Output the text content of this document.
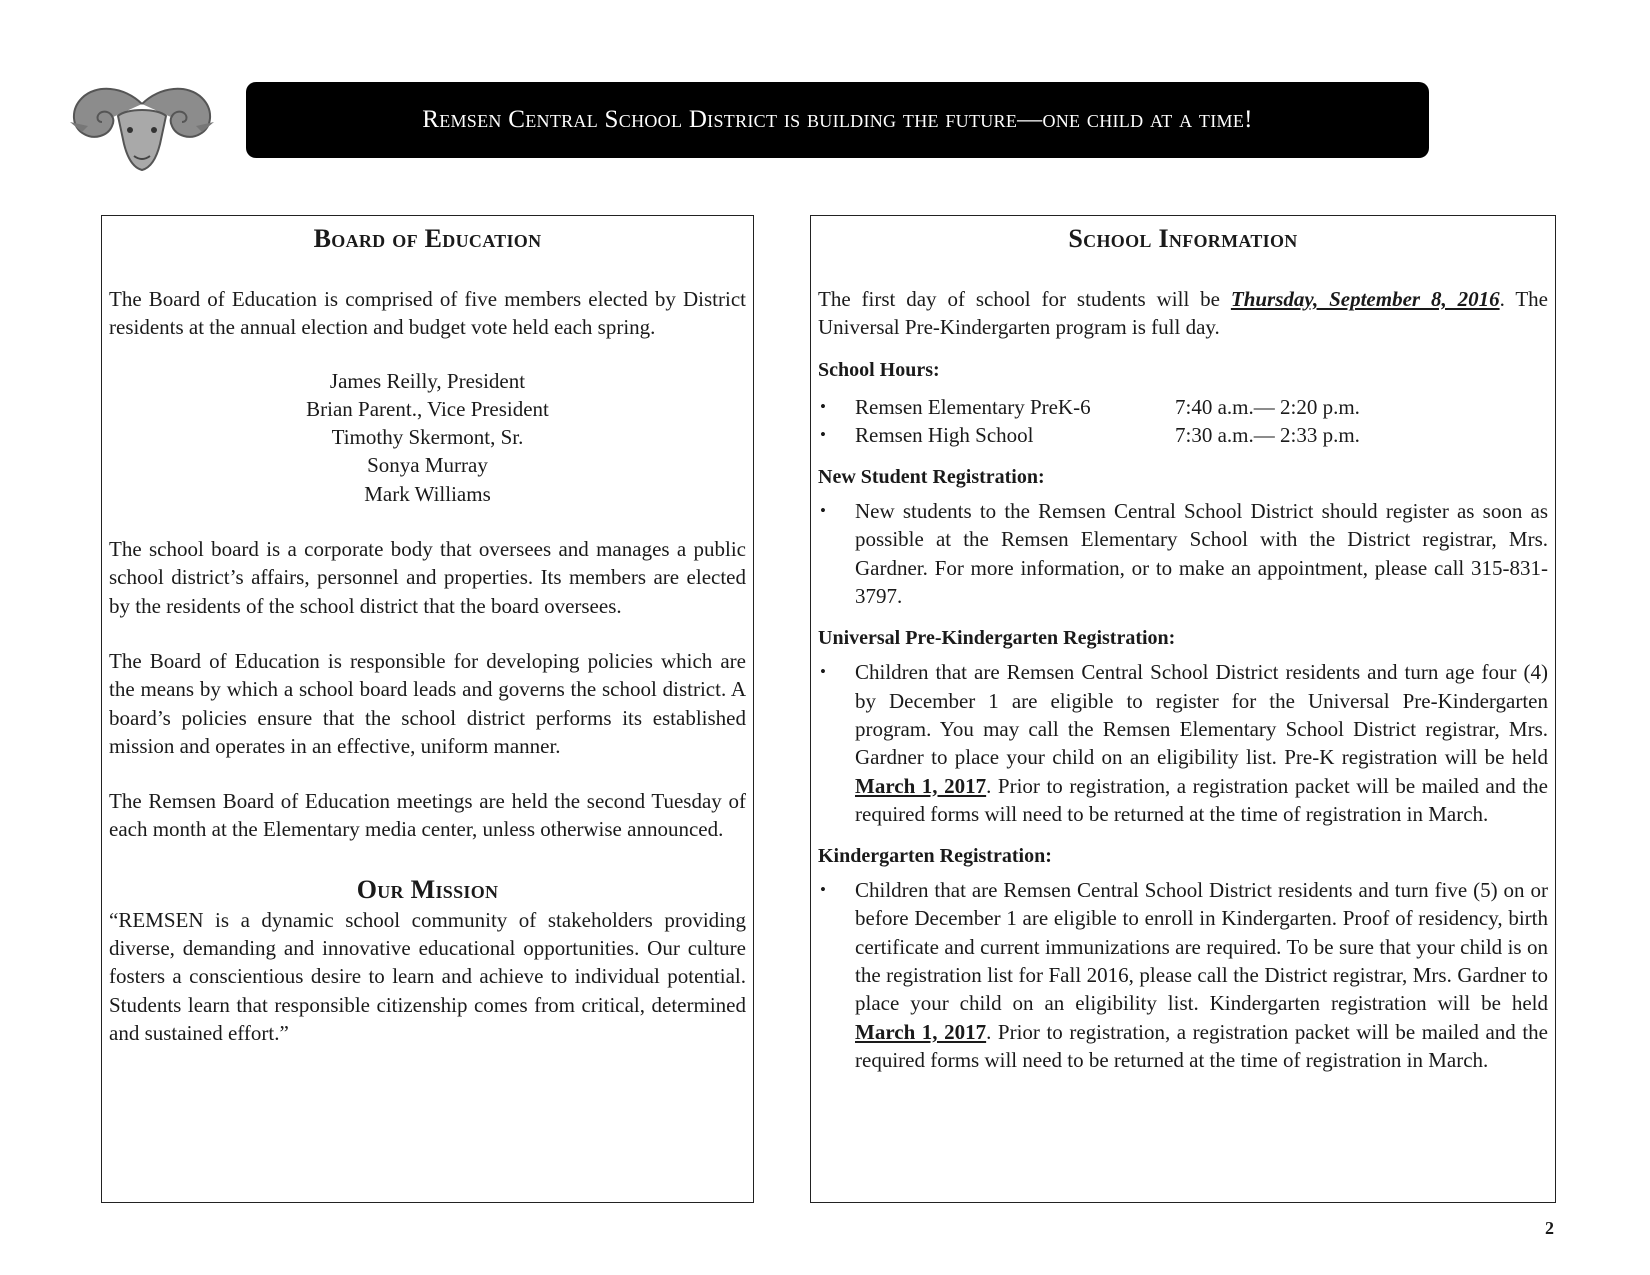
Remsen Central School District is building the future—one child at a time!
Board of Education

The Board of Education is comprised of five members elected by District residents at the annual election and budget vote held each spring.

James Reilly, President
Brian Parent., Vice President
Timothy Skermont, Sr.
Sonya Murray
Mark Williams

The school board is a corporate body that oversees and manages a public school district’s affairs, personnel and properties. Its members are elected by the residents of the school district that the board oversees.

The Board of Education is responsible for developing policies which are the means by which a school board leads and governs the school district. A board’s policies ensure that the school district performs its established mission and operates in an effective, uniform manner.

The Remsen Board of Education meetings are held the second Tuesday of each month at the Elementary media center, unless otherwise announced.

Our Mission

“REMSEN is a dynamic school community of stakeholders providing diverse, demanding and innovative educational opportunities. Our culture fosters a conscientious desire to learn and achieve to individual potential. Students learn that responsible citizenship comes from critical, determined and sustained effort.”

School Information

The first day of school for students will be Thursday, September 8, 2016. The Universal Pre-Kindergarten program is full day.

School Hours:
• Remsen Elementary PreK-6	7:40 a.m.— 2:20 p.m.
• Remsen High School	7:30 a.m.— 2:33 p.m.
New Student Registration:
• New students to the Remsen Central School District should register as soon as possible at the Remsen Elementary School with the District registrar, Mrs. Gardner. For more information, or to make an appointment, please call 315-831-3797.
Universal Pre-Kindergarten Registration:
• Children that are Remsen Central School District residents and turn age four (4) by December 1 are eligible to register for the Universal Pre-Kindergarten program. You may call the Remsen Elementary School District registrar, Mrs. Gardner to place your child on an eligibility list. Pre-K registration will be held March 1, 2017. Prior to registration, a registration packet will be mailed and the required forms will need to be returned at the time of registration in March.
Kindergarten Registration:
• Children that are Remsen Central School District residents and turn five (5) on or before December 1 are eligible to enroll in Kindergarten. Proof of residency, birth certificate and current immunizations are required. To be sure that your child is on the registration list for Fall 2016, please call the District registrar, Mrs. Gardner to place your child on an eligibility list. Kindergarten registration will be held March 1, 2017. Prior to registration, a registration packet will be mailed and the required forms will need to be returned at the time of registration in March.
2
